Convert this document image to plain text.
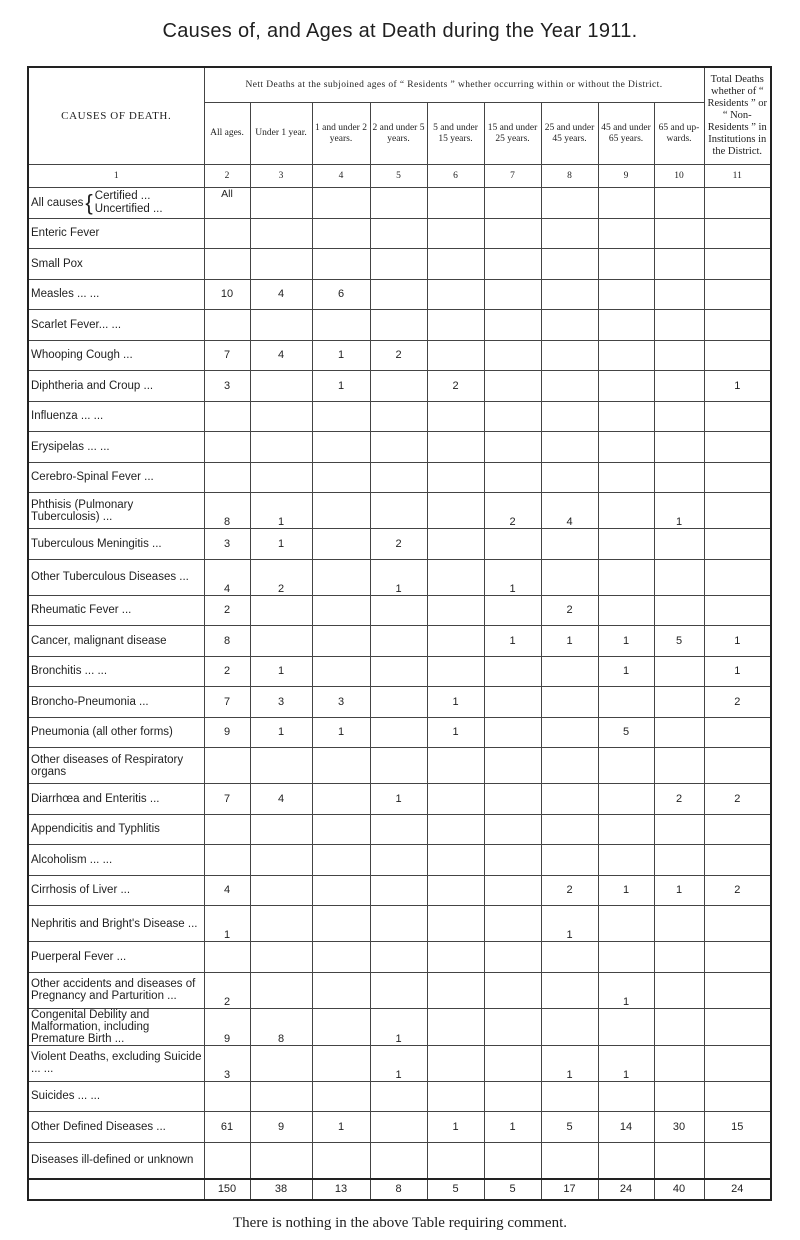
Causes of, and Ages at Death during the Year 1911.
CAUSES OF DEATH.	Nett Deaths at the subjoined ages of “ Residents ” whether occurring within or without the District.									Total Deaths whether of “ Residents ” or “ Non-Residents ” in Institutions in the District.
	All ages.	Under 1 year.	1 and under 2 years.	2 and under 5 years.	5 and under 15 years.	15 and under 25 years.	25 and under 45 years.	45 and under 65 years.	65 and up-wards.	
1	2	3	4	5	6	7	8	9	10	11

All causes { Certified ...
Uncertified ...	All									
Enteric Fever										
Small Pox										
Measles ... ...	10	4	6							
Scarlet Fever... ...										
Whooping Cough ...	7	4	1	2						
Diphtheria and Croup ...	3		1		2					1
Influenza ... ...										
Erysipelas ... ...										
Cerebro-Spinal Fever ...										
Phthisis (Pulmonary Tuberculosis) ...	8	1				2	4		1	
Tuberculous Meningitis ...	3	1		2						
Other Tuberculous Diseases ...	4	2		1		1				
Rheumatic Fever ...	2						2			
Cancer, malignant disease	8					1	1	1	5	1
Bronchitis ... ...	2	1						1		1
Broncho-Pneumonia ...	7	3	3		1					2
Pneumonia (all other forms)	9	1	1		1			5		
Other diseases of Respiratory organs										
Diarrhœa and Enteritis ...	7	4		1					2	2
Appendicitis and Typhlitis										
Alcoholism ... ...										
Cirrhosis of Liver ...	4						2	1	1	2
Nephritis and Bright's Disease ...	1						1			
Puerperal Fever ...										
Other accidents and diseases of Pregnancy and Parturition ...	2							1		
Congenital Debility and Malformation, including Premature Birth ...	9	8		1						
Violent Deaths, excluding Suicide ... ...	3			1			1	1		
Suicides ... ...										
Other Defined Diseases ...	61	9	1		1	1	5	14	30	15
Diseases ill-defined or unknown										
	150	38	13	8	5	5	17	24	40	24
There is nothing in the above Table requiring comment.
